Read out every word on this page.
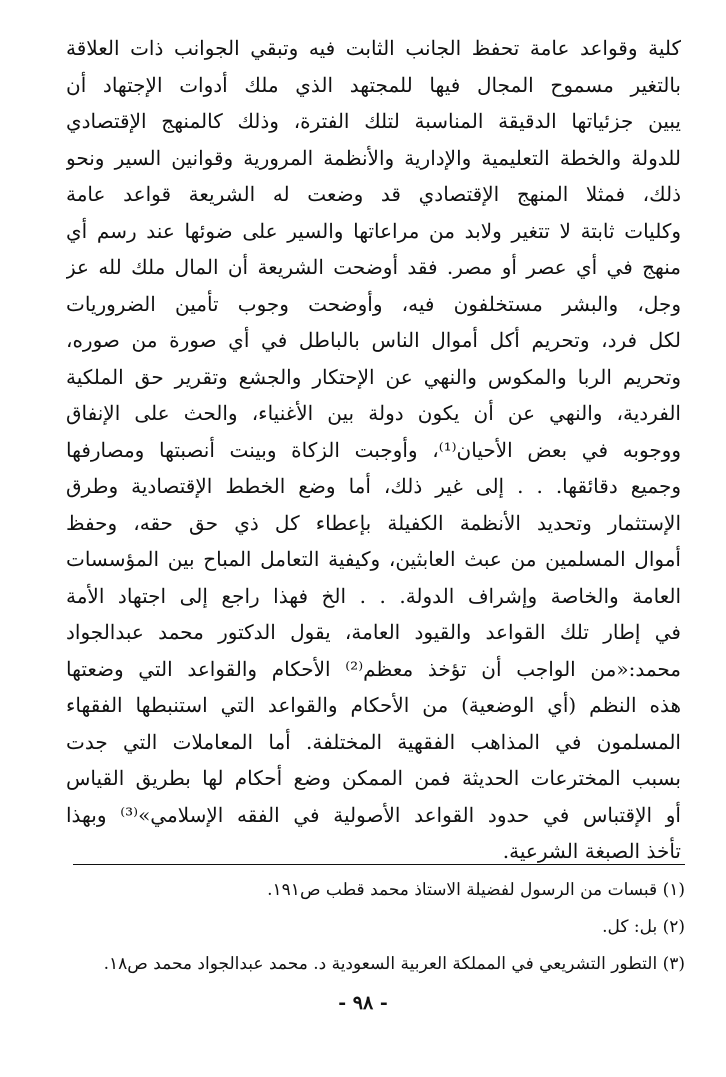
كلية وقواعد عامة تحفظ الجانب الثابت فيه وتبقي الجوانب ذات العلاقة
بالتغير مسموح المجال فيها للمجتهد الذي ملك أدوات الإجتهاد أن
يبين جزئياتها الدقيقة المناسبة لتلك الفترة، وذلك كالمنهج الإقتصادي
للدولة والخطة التعليمية والإدارية والأنظمة المرورية وقوانين السير ونحو
ذلك، فمثلا المنهج الإقتصادي قد وضعت له الشريعة قواعد عامة
وكليات ثابتة لا تتغير ولابد من مراعاتها والسير على ضوئها عند رسم أي
منهج في أي عصر أو مصر. فقد أوضحت الشريعة أن المال ملك لله عز
وجل، والبشر مستخلفون فيه، وأوضحت وجوب تأمين الضروريات
لكل فرد، وتحريم أكل أموال الناس بالباطل في أي صورة من صوره،
وتحريم الربا والمكوس والنهي عن الإحتكار والجشع وتقرير حق الملكية
الفردية، والنهي عن أن يكون دولة بين الأغنياء، والحث على الإنفاق
ووجوبه في بعض الأحيان⁽¹⁾، وأوجبت الزكاة وبينت أنصبتها ومصارفها
وجميع دقائقها. . . إلى غير ذلك، أما وضع الخطط الإقتصادية وطرق
الإستثمار وتحديد الأنظمة الكفيلة بإعطاء كل ذي حق حقه، وحفظ
أموال المسلمين من عبث العابثين، وكيفية التعامل المباح بين المؤسسات
العامة والخاصة وإشراف الدولة. . . الخ فهذا راجع إلى اجتهاد الأمة
في إطار تلك القواعد والقيود العامة، يقول الدكتور محمد عبدالجواد
محمد:«من الواجب أن تؤخذ معظم⁽²⁾ الأحكام والقواعد التي وضعتها
هذه النظم (أي الوضعية) من الأحكام والقواعد التي استنبطها الفقهاء
المسلمون في المذاهب الفقهية المختلفة. أما المعاملات التي جدت
بسبب المخترعات الحديثة فمن الممكن وضع أحكام لها بطريق القياس
أو الإقتباس في حدود القواعد الأصولية في الفقه الإسلامي»⁽³⁾ وبهذا
تأخذ الصبغة الشرعية.
(١) قبسات من الرسول لفضيلة الاستاذ محمد قطب ص١٩١.
(٢) بل: كل.
(٣) التطور التشريعي في المملكة العربية السعودية د. محمد عبدالجواد محمد ص١٨.
- ٩٨ -
